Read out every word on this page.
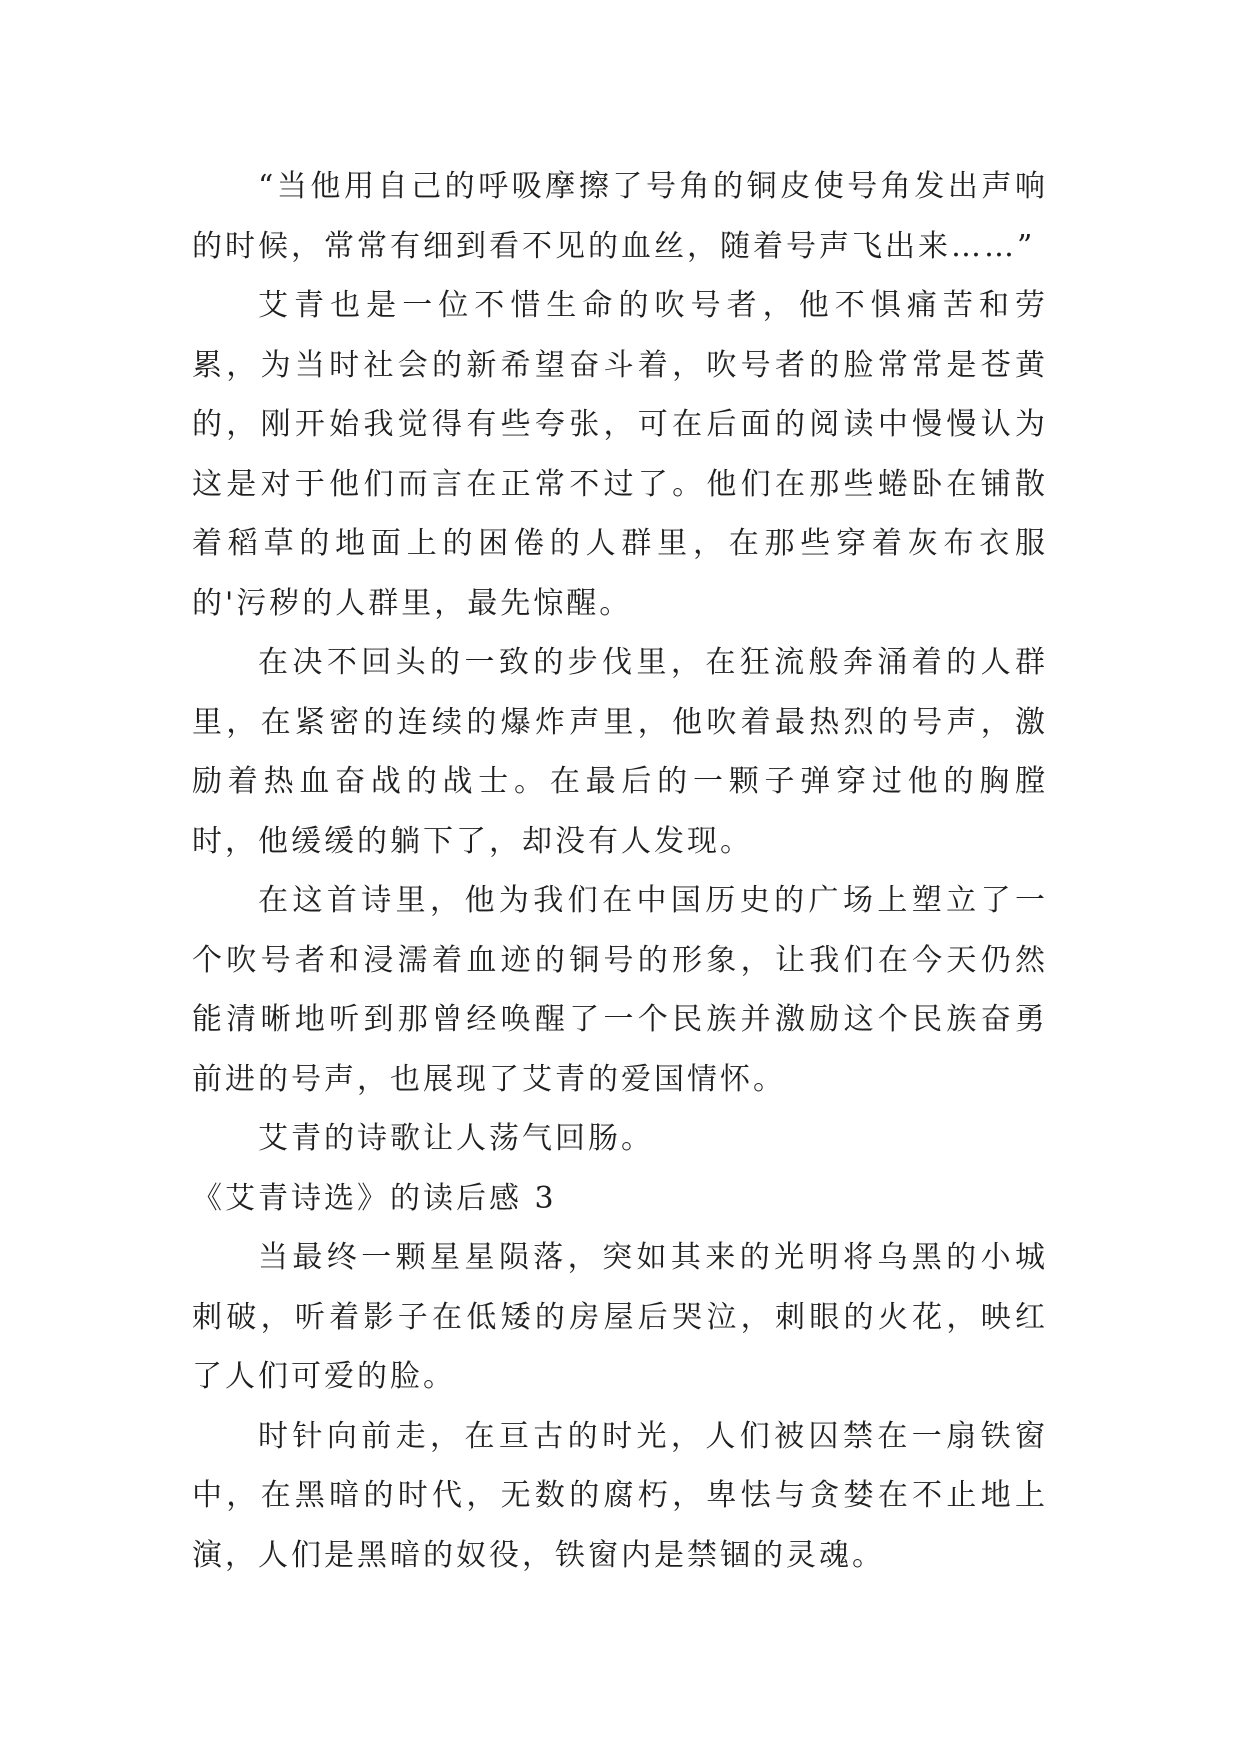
“当他用自己的呼吸摩擦了号角的铜皮使号角发出声响的时候，常常有细到看不见的血丝，随着号声飞出来……”

艾青也是一位不惜生命的吹号者，他不惧痛苦和劳累，为当时社会的新希望奋斗着，吹号者的脸常常是苍黄的，刚开始我觉得有些夸张，可在后面的阅读中慢慢认为这是对于他们而言在正常不过了。他们在那些蜷卧在铺散着稻草的地面上的困倦的人群里，在那些穿着灰布衣服的'污秽的人群里，最先惊醒。

在决不回头的一致的步伐里，在狂流般奔涌着的人群里，在紧密的连续的爆炸声里，他吹着最热烈的号声，激励着热血奋战的战士。在最后的一颗子弹穿过他的胸膛时，他缓缓的躺下了，却没有人发现。

在这首诗里，他为我们在中国历史的广场上塑立了一个吹号者和浸濡着血迹的铜号的形象，让我们在今天仍然能清晰地听到那曾经唤醒了一个民族并激励这个民族奋勇前进的号声，也展现了艾青的爱国情怀。

艾青的诗歌让人荡气回肠。

《艾青诗选》的读后感 3

当最终一颗星星陨落，突如其来的光明将乌黑的小城刺破，听着影子在低矮的房屋后哭泣，刺眼的火花，映红了人们可爱的脸。

时针向前走，在亘古的时光，人们被囚禁在一扇铁窗中，在黑暗的时代，无数的腐朽，卑怯与贪婪在不止地上演，人们是黑暗的奴役，铁窗内是禁锢的灵魂。
